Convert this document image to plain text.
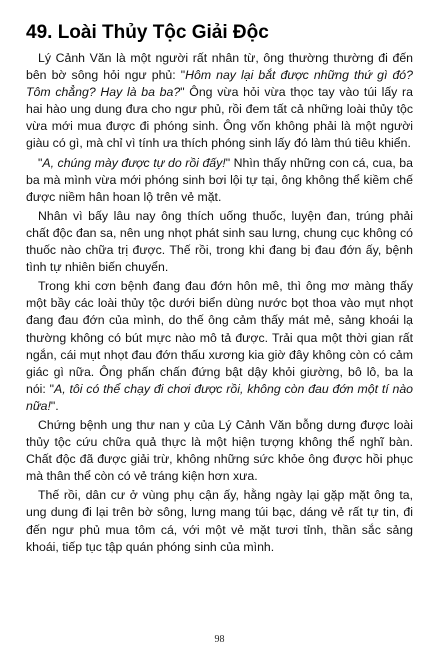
49. Loài Thủy Tộc Giải Độc

Lý Cảnh Văn là một người rất nhân từ, ông thường thường đi đến bên bờ sông hỏi ngư phủ: "Hôm nay lại bắt được những thứ gì đó? Tôm chẳng? Hay là ba ba?" Ông vừa hỏi vừa thọc tay vào túi lấy ra hai hào ung dung đưa cho ngư phủ, rồi đem tất cả những loài thủy tộc vừa mới mua được đi phóng sinh. Ông vốn không phải là một người giàu có gì, mà chỉ vì tính ưa thích phóng sinh lấy đó làm thú tiêu khiển.

"A, chúng mày được tự do rồi đấy!" Nhìn thấy những con cá, cua, ba ba mà mình vừa mới phóng sinh bơi lội tự tại, ông không thể kiềm chế được niềm hân hoan lộ trên vẻ mặt.

Nhân vì bấy lâu nay ông thích uống thuốc, luyện đan, trúng phải chất độc đan sa, nên ung nhọt phát sinh sau lưng, chung cục không có thuốc nào chữa trị được. Thế rồi, trong khi đang bị đau đớn ấy, bệnh tình tự nhiên biến chuyển.

Trong khi cơn bệnh đang đau đớn hôn mê, thì ông mơ màng thấy một bầy các loài thủy tộc dưới biển dùng nước bọt thoa vào mụt nhọt đang đau đớn của mình, do thế ông cảm thấy mát mẻ, sảng khoái lạ thường không có bút mực nào mô tả được. Trải qua một thời gian rất ngắn, cái mụt nhọt đau đớn thấu xương kia giờ đây không còn có cảm giác gì nữa. Ông phấn chấn đứng bật dậy khỏi giường, bô lô, ba la nói: "A, tôi có thể chạy đi chơi được rồi, không còn đau đớn một tí nào nữa!".

Chứng bệnh ung thư nan y của Lý Cảnh Văn bỗng dưng được loài thủy tộc cứu chữa quả thực là một hiện tượng không thể nghĩ bàn. Chất độc đã được giải trừ, không những sức khỏe ông được hồi phục mà thân thể còn có vẻ tráng kiện hơn xưa.

Thế rồi, dân cư ở vùng phụ cận ấy, hằng ngày lại gặp mặt ông ta, ung dung đi lại trên bờ sông, lưng mang túi bạc, dáng vẻ rất tự tin, đi đến ngư phủ mua tôm cá, với một vẻ mặt tươi tỉnh, thần sắc sảng khoái, tiếp tục tập quán phóng sinh của mình.

98
